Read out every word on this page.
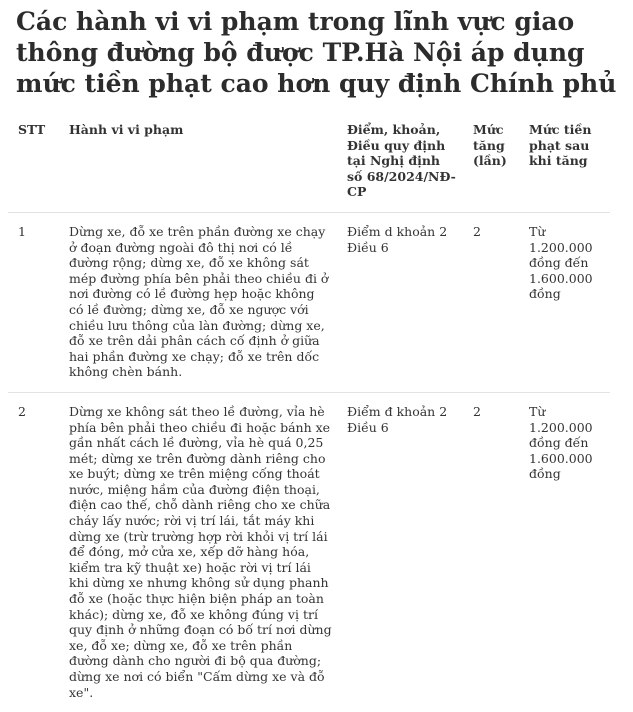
Các hành vi vi phạm trong lĩnh vực giao thông đường bộ được TP.Hà Nội áp dụng mức tiền phạt cao hơn quy định Chính phủ
STT	Hành vi vi phạm	Điểm, khoản, Điều quy định tại Nghị định số 68/2024/NĐ-CP	Mức tăng (lần)	Mức tiền phạt sau khi tăng
1	Dừng xe, đỗ xe trên phần đường xe chạy ở đoạn đường ngoài đô thị nơi có lề đường rộng; dừng xe, đỗ xe không sát mép đường phía bên phải theo chiều đi ở nơi đường có lề đường hẹp hoặc không có lề đường; dừng xe, đỗ xe ngược với chiều lưu thông của làn đường; dừng xe, đỗ xe trên dải phân cách cố định ở giữa hai phần đường xe chạy; đỗ xe trên dốc không chèn bánh.	Điểm d khoản 2 Điều 6	2	Từ 1.200.000 đồng đến 1.600.000 đồng
2	Dừng xe không sát theo lề đường, vỉa hè phía bên phải theo chiều đi hoặc bánh xe gần nhất cách lề đường, vỉa hè quá 0,25 mét; dừng xe trên đường dành riêng cho xe buýt; dừng xe trên miệng cống thoát nước, miệng hầm của đường điện thoại, điện cao thế, chỗ dành riêng cho xe chữa cháy lấy nước; rời vị trí lái, tắt máy khi dừng xe (trừ trường hợp rời khỏi vị trí lái để đóng, mở cửa xe, xếp dỡ hàng hóa, kiểm tra kỹ thuật xe) hoặc rời vị trí lái khi dừng xe nhưng không sử dụng phanh đỗ xe (hoặc thực hiện biện pháp an toàn khác); dừng xe, đỗ xe không đúng vị trí quy định ở những đoạn có bố trí nơi dừng xe, đỗ xe; dừng xe, đỗ xe trên phần đường dành cho người đi bộ qua đường; dừng xe nơi có biển "Cấm dừng xe và đỗ xe".	Điểm đ khoản 2 Điều 6	2	Từ 1.200.000 đồng đến 1.600.000 đồng
